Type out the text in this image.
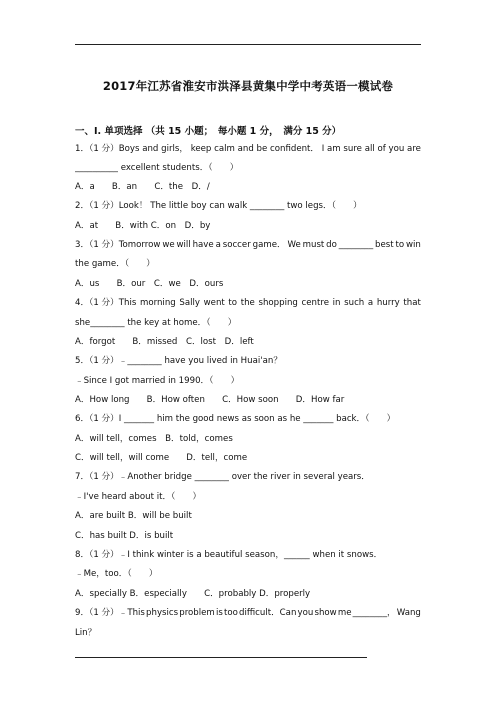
2017年江苏省淮安市洪泽县黄集中学中考英语一模试卷
一、I. 单项选择 （共 15 小题；　每小题 1 分，　满分 15 分）
1．（1 分）Boys and girls， keep calm and be confident． I am sure all of you are
__________ excellent students．（　　）
A．a　　B．an　　C．the　D．/
2．（1 分）Look！ The little boy can walk ________ two legs．（　　）
A．at　　B．with C．on　D．by
3．（1 分）Tomorrow we will have a soccer game． We must do ________ best to win
the game．（　　）
A．us　　B．our　C．we　D．ours
4．（1 分）This morning Sally went to the shopping centre in such a hurry that
she________ the key at home．（　　）
A．forgot　　B．missed　C．lost　D．left
5．（1 分）﹣________ have you lived in Huai'an？
﹣Since I got married in 1990．（　　）
A．How long　　B．How often　　C．How soon　　D．How far
6．（1 分）I _______ him the good news as soon as he _______ back．（　　）
A．will tell，comes　B．told，comes
C．will tell，will come　　D．tell，come
7．（1 分）﹣Another bridge ________ over the river in several years．
﹣I've heard about it．（　　）
A．are built B．will be built
C．has built D．is built
8．（1 分）﹣I think winter is a beautiful season，______ when it snows．
﹣Me，too．（　　）
A．specially B．especially　　C．probably D．properly
9．（1 分）﹣This physics problem is too difficult．Can you show me ________， Wang
Lin？
